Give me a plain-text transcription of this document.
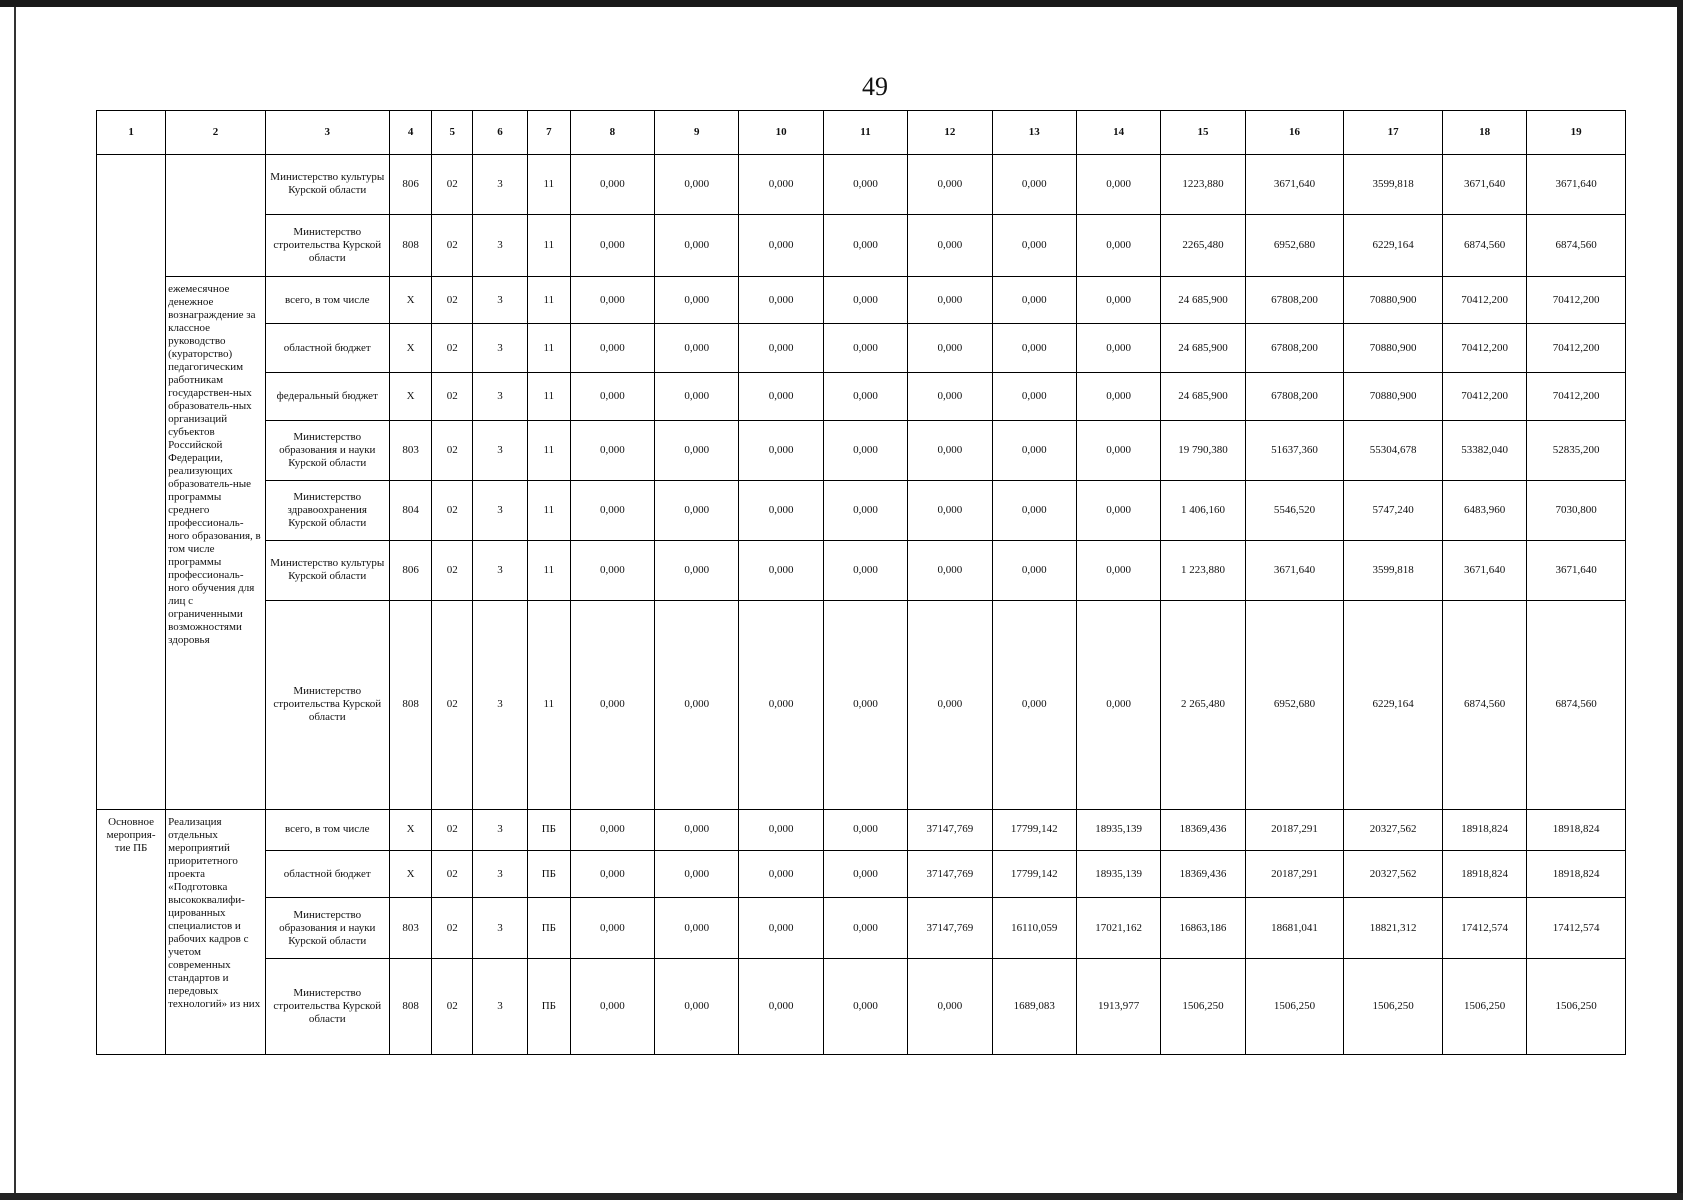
49
1	2	3	4	5	6	7	8	9	10	11	12	13	14	15	16	17	18	19
		Министерство культуры Курской области	806	02	3	11	0,000	0,000	0,000	0,000	0,000	0,000	0,000	1223,880	3671,640	3599,818	3671,640	3671,640
		Министерство строительства Курской области	808	02	3	11	0,000	0,000	0,000	0,000	0,000	0,000	0,000	2265,480	6952,680	6229,164	6874,560	6874,560
	ежемесячное денежное вознаграждение за классное руководство (кураторство) педагогическим работникам государствен-ных образователь-ных организаций субъектов Российской Федерации, реализующих образователь-ные программы среднего профессиональ-ного образования, в том числе программы профессиональ-ного обучения для лиц с ограниченными возможностями здоровья	всего, в том числе	Х	02	3	11	0,000	0,000	0,000	0,000	0,000	0,000	0,000	24 685,900	67808,200	70880,900	70412,200	70412,200
		областной бюджет	Х	02	3	11	0,000	0,000	0,000	0,000	0,000	0,000	0,000	24 685,900	67808,200	70880,900	70412,200	70412,200
		федеральный бюджет	Х	02	3	11	0,000	0,000	0,000	0,000	0,000	0,000	0,000	24 685,900	67808,200	70880,900	70412,200	70412,200
		Министерство образования и науки Курской области	803	02	3	11	0,000	0,000	0,000	0,000	0,000	0,000	0,000	19 790,380	51637,360	55304,678	53382,040	52835,200
		Министерство здравоохранения Курской области	804	02	3	11	0,000	0,000	0,000	0,000	0,000	0,000	0,000	1 406,160	5546,520	5747,240	6483,960	7030,800
		Министерство культуры Курской области	806	02	3	11	0,000	0,000	0,000	0,000	0,000	0,000	0,000	1 223,880	3671,640	3599,818	3671,640	3671,640
		Министерство строительства Курской области	808	02	3	11	0,000	0,000	0,000	0,000	0,000	0,000	0,000	2 265,480	6952,680	6229,164	6874,560	6874,560
Основное мероприя-тие ПБ	Реализация отдельных мероприятий приоритетного проекта «Подготовка высококвалифи-цированных специалистов и рабочих кадров с учетом современных стандартов и передовых технологий» из них	всего, в том числе	Х	02	3	ПБ	0,000	0,000	0,000	0,000	37147,769	17799,142	18935,139	18369,436	20187,291	20327,562	18918,824	18918,824
		областной бюджет	Х	02	3	ПБ	0,000	0,000	0,000	0,000	37147,769	17799,142	18935,139	18369,436	20187,291	20327,562	18918,824	18918,824
		Министерство образования и науки Курской области	803	02	3	ПБ	0,000	0,000	0,000	0,000	37147,769	16110,059	17021,162	16863,186	18681,041	18821,312	17412,574	17412,574
		Министерство строительства Курской области	808	02	3	ПБ	0,000	0,000	0,000	0,000	0,000	1689,083	1913,977	1506,250	1506,250	1506,250	1506,250	1506,250
